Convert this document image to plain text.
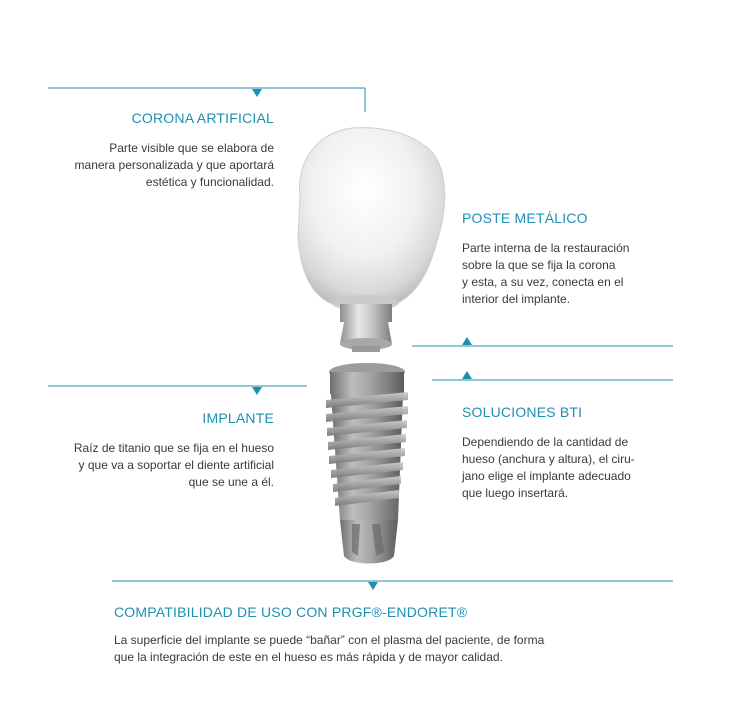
CORONA ARTIFICIAL
Parte visible que se elabora de
manera personalizada y que aportará
estética y funcionalidad.
POSTE METÁLICO
Parte interna de la restauración
sobre la que se fija la corona
y esta, a su vez, conecta en el
interior del implante.
IMPLANTE
Raíz de titanio que se fija en el hueso
y que va a soportar el diente artificial
que se une a él.
SOLUCIONES BTI
Dependiendo de la cantidad de
hueso (anchura y altura), el ciru-
jano elige el implante adecuado
que luego insertará.
COMPATIBILIDAD DE USO CON PRGF®-ENDORET®
La superficie del implante se puede “bañar” con el plasma del paciente, de forma
que la integración de este en el hueso es más rápida y de mayor calidad.
